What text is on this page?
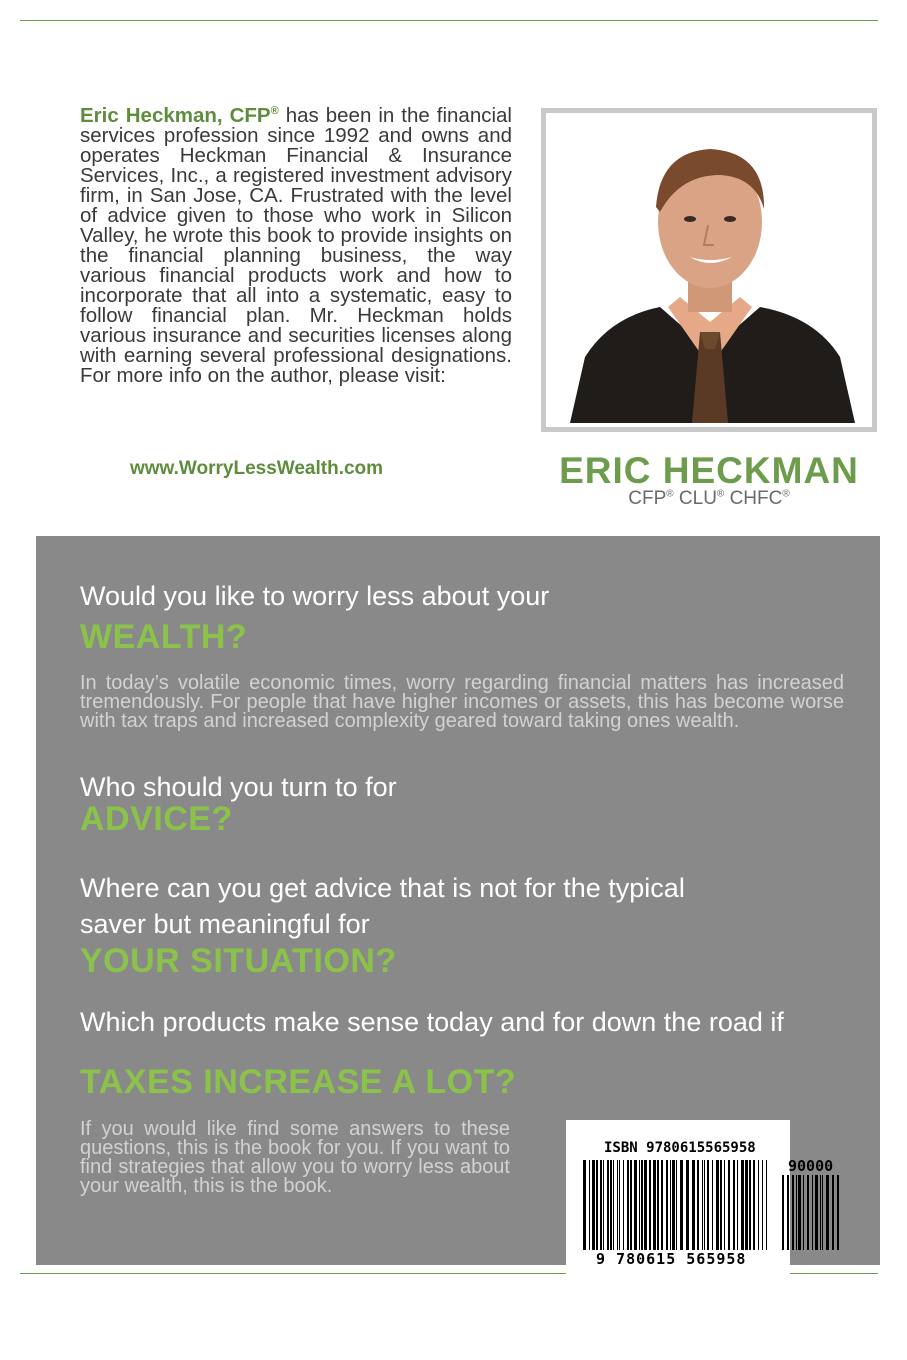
Eric Heckman, CFP® has been in the financial services profession since 1992 and owns and operates Heckman Financial & Insurance Services, Inc., a registered investment advisory firm, in San Jose, CA. Frustrated with the level of advice given to those who work in Silicon Valley, he wrote this book to provide insights on the financial planning business, the way various financial products work and how to incorporate that all into a systematic, easy to follow financial plan. Mr. Heckman holds various insurance and securities licenses along with earning several professional designations. For more info on the author, please visit:
www.WorryLessWealth.com	ERIC HECKMAN
CFP® CLU® CHFC®
Would you like to worry less about your
WEALTH?
In today’s volatile economic times, worry regarding financial matters has increased tremendously. For people that have higher incomes or assets, this has become worse with tax traps and increased complexity geared toward taking ones wealth.
Who should you turn to for
ADVICE?
Where can you get advice that is not for the typical
saver but meaningful for
YOUR SITUATION?
Which products make sense today and for down the road if
TAXES INCREASE A LOT?
If you would like find some answers to these questions, this is the book for you. If you want to find strategies that allow you to worry less about your wealth, this is the book.
ISBN 9780615565958
90000
9 780615 565958
